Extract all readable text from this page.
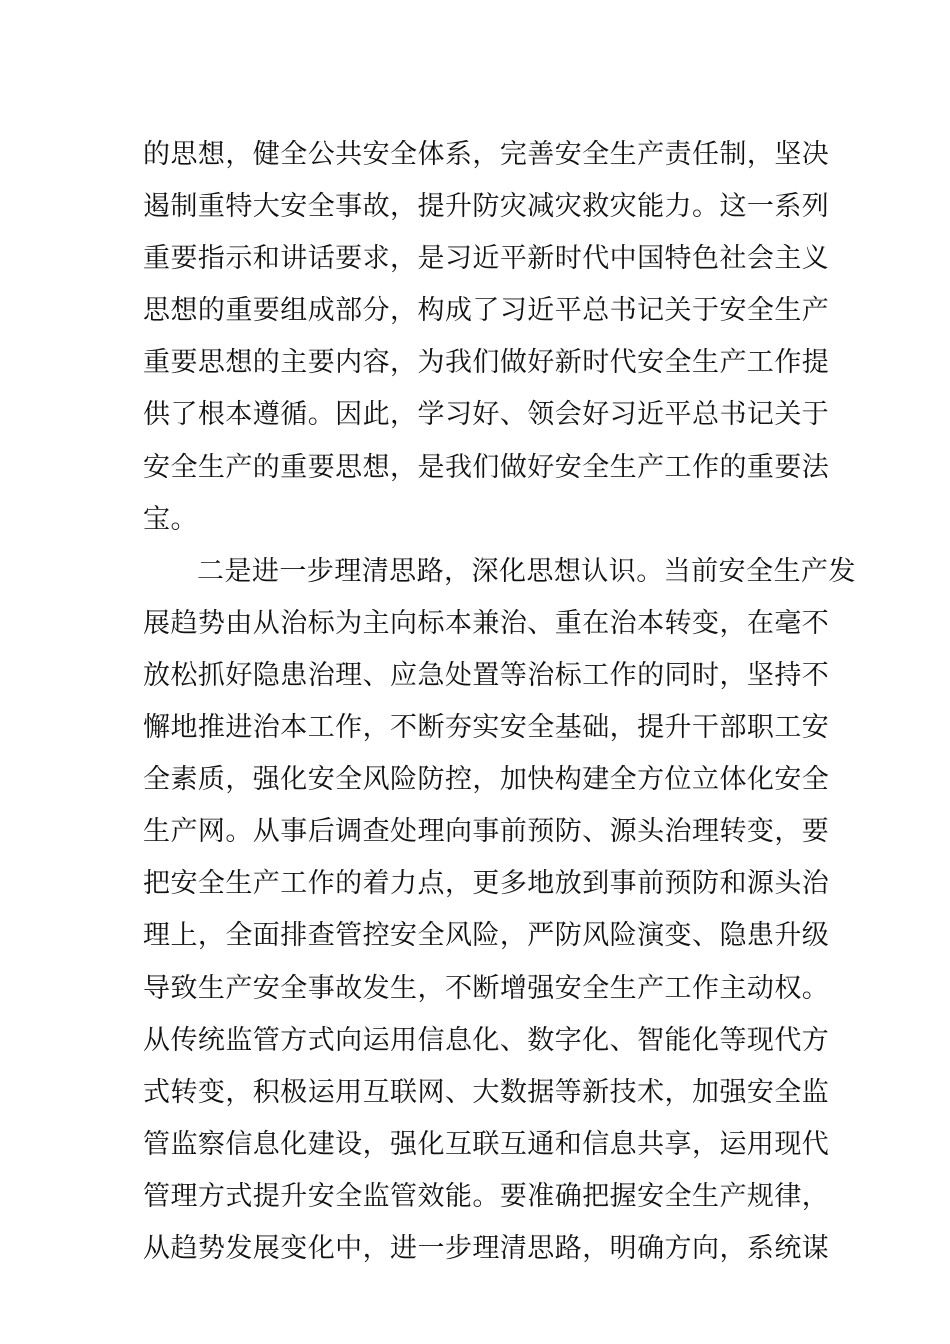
的思想，健全公共安全体系，完善安全生产责任制，坚决
遏制重特大安全事故，提升防灾减灾救灾能力。这一系列
重要指示和讲话要求，是习近平新时代中国特色社会主义
思想的重要组成部分，构成了习近平总书记关于安全生产
重要思想的主要内容，为我们做好新时代安全生产工作提
供了根本遵循。因此，学习好、领会好习近平总书记关于
安全生产的重要思想，是我们做好安全生产工作的重要法
宝。

二是进一步理清思路，深化思想认识。当前安全生产发
展趋势由从治标为主向标本兼治、重在治本转变，在毫不
放松抓好隐患治理、应急处置等治标工作的同时，坚持不
懈地推进治本工作，不断夯实安全基础，提升干部职工安
全素质，强化安全风险防控，加快构建全方位立体化安全
生产网。从事后调查处理向事前预防、源头治理转变，要
把安全生产工作的着力点，更多地放到事前预防和源头治
理上，全面排查管控安全风险，严防风险演变、隐患升级
导致生产安全事故发生，不断增强安全生产工作主动权。
从传统监管方式向运用信息化、数字化、智能化等现代方
式转变，积极运用互联网、大数据等新技术，加强安全监
管监察信息化建设，强化互联互通和信息共享，运用现代
管理方式提升安全监管效能。要准确把握安全生产规律，
从趋势发展变化中，进一步理清思路，明确方向，系统谋
